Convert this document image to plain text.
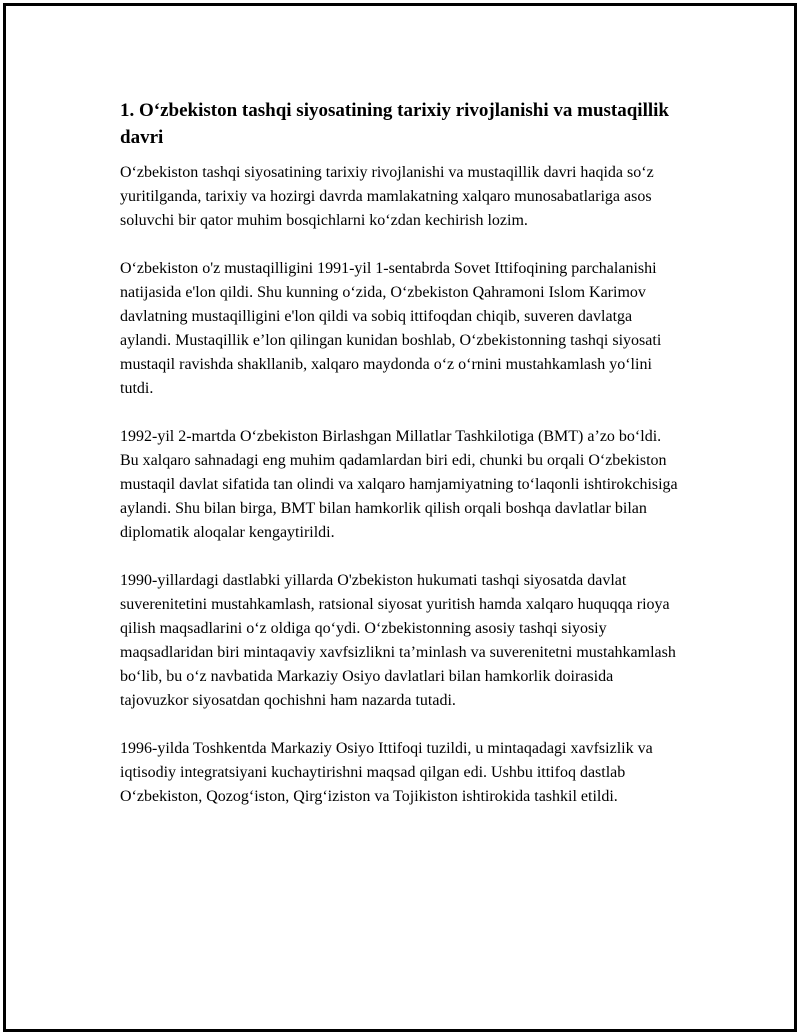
1. O‘zbekiston tashqi siyosatining tarixiy rivojlanishi va mustaqillik davri

O‘zbekiston tashqi siyosatining tarixiy rivojlanishi va mustaqillik davri haqida so‘z yuritilganda, tarixiy va hozirgi davrda mamlakatning xalqaro munosabatlariga asos soluvchi bir qator muhim bosqichlarni ko‘zdan kechirish lozim.

O‘zbekiston o'z mustaqilligini 1991-yil 1-sentabrda Sovet Ittifoqining parchalanishi natijasida e'lon qildi. Shu kunning o‘zida, O‘zbekiston Qahramoni Islom Karimov davlatning mustaqilligini e'lon qildi va sobiq ittifoqdan chiqib, suveren davlatga aylandi. Mustaqillik e’lon qilingan kunidan boshlab, O‘zbekistonning tashqi siyosati mustaqil ravishda shakllanib, xalqaro maydonda o‘z o‘rnini mustahkamlash yo‘lini tutdi.

1992-yil 2-martda O‘zbekiston Birlashgan Millatlar Tashkilotiga (BMT) a’zo bo‘ldi. Bu xalqaro sahnadagi eng muhim qadamlardan biri edi, chunki bu orqali O‘zbekiston mustaqil davlat sifatida tan olindi va xalqaro hamjamiyatning to‘laqonli ishtirokchisiga aylandi. Shu bilan birga, BMT bilan hamkorlik qilish orqali boshqa davlatlar bilan diplomatik aloqalar kengaytirildi.

1990-yillardagi dastlabki yillarda O'zbekiston hukumati tashqi siyosatda davlat suverenitetini mustahkamlash, ratsional siyosat yuritish hamda xalqaro huquqqa rioya qilish maqsadlarini o‘z oldiga qo‘ydi. O‘zbekistonning asosiy tashqi siyosiy maqsadlaridan biri mintaqaviy xavfsizlikni ta’minlash va suverenitetni mustahkamlash bo‘lib, bu o‘z navbatida Markaziy Osiyo davlatlari bilan hamkorlik doirasida tajovuzkor siyosatdan qochishni ham nazarda tutadi.

1996-yilda Toshkentda Markaziy Osiyo Ittifoqi tuzildi, u mintaqadagi xavfsizlik va iqtisodiy integratsiyani kuchaytirishni maqsad qilgan edi. Ushbu ittifoq dastlab O‘zbekiston, Qozog‘iston, Qirg‘iziston va Tojikiston ishtirokida tashkil etildi.
